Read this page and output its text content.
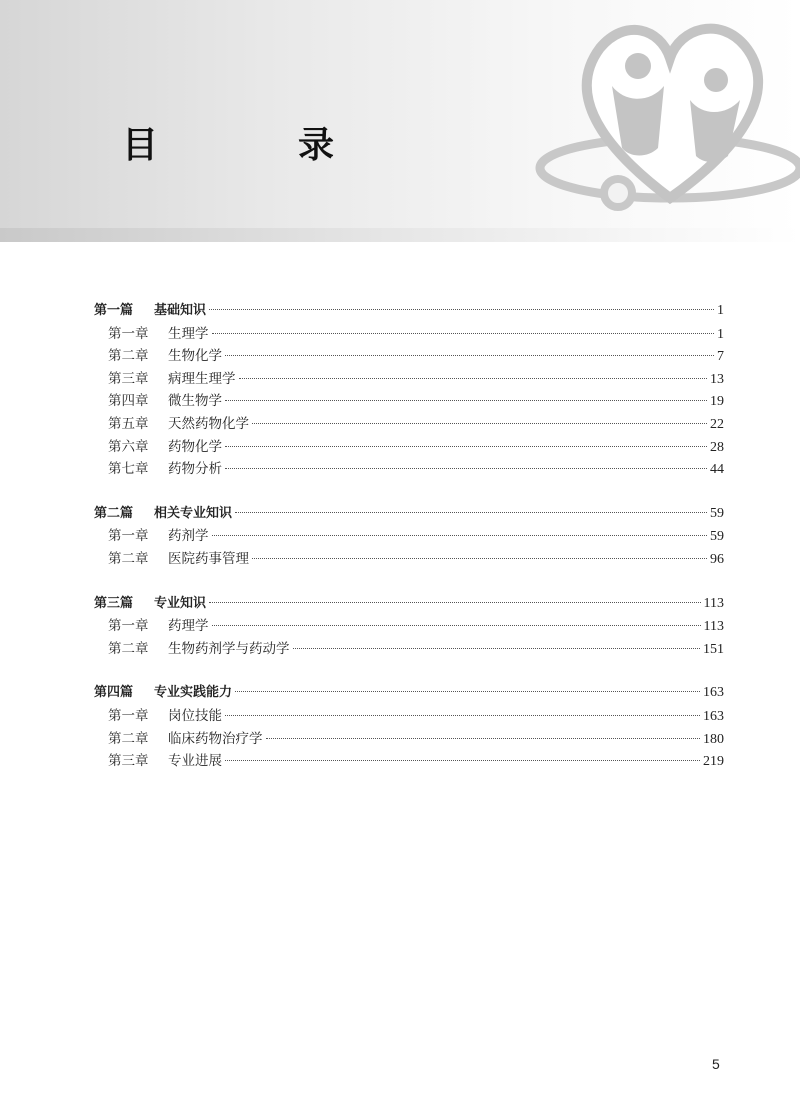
目　录
第一篇	基础知识	1
第一章	生理学	1
第二章	生物化学	7
第三章	病理生理学	13
第四章	微生物学	19
第五章	天然药物化学	22
第六章	药物化学	28
第七章	药物分析	44
第二篇	相关专业知识	59
第一章	药剂学	59
第二章	医院药事管理	96
第三篇	专业知识	113
第一章	药理学	113
第二章	生物药剂学与药动学	151
第四篇	专业实践能力	163
第一章	岗位技能	163
第二章	临床药物治疗学	180
第三章	专业进展	219
5
